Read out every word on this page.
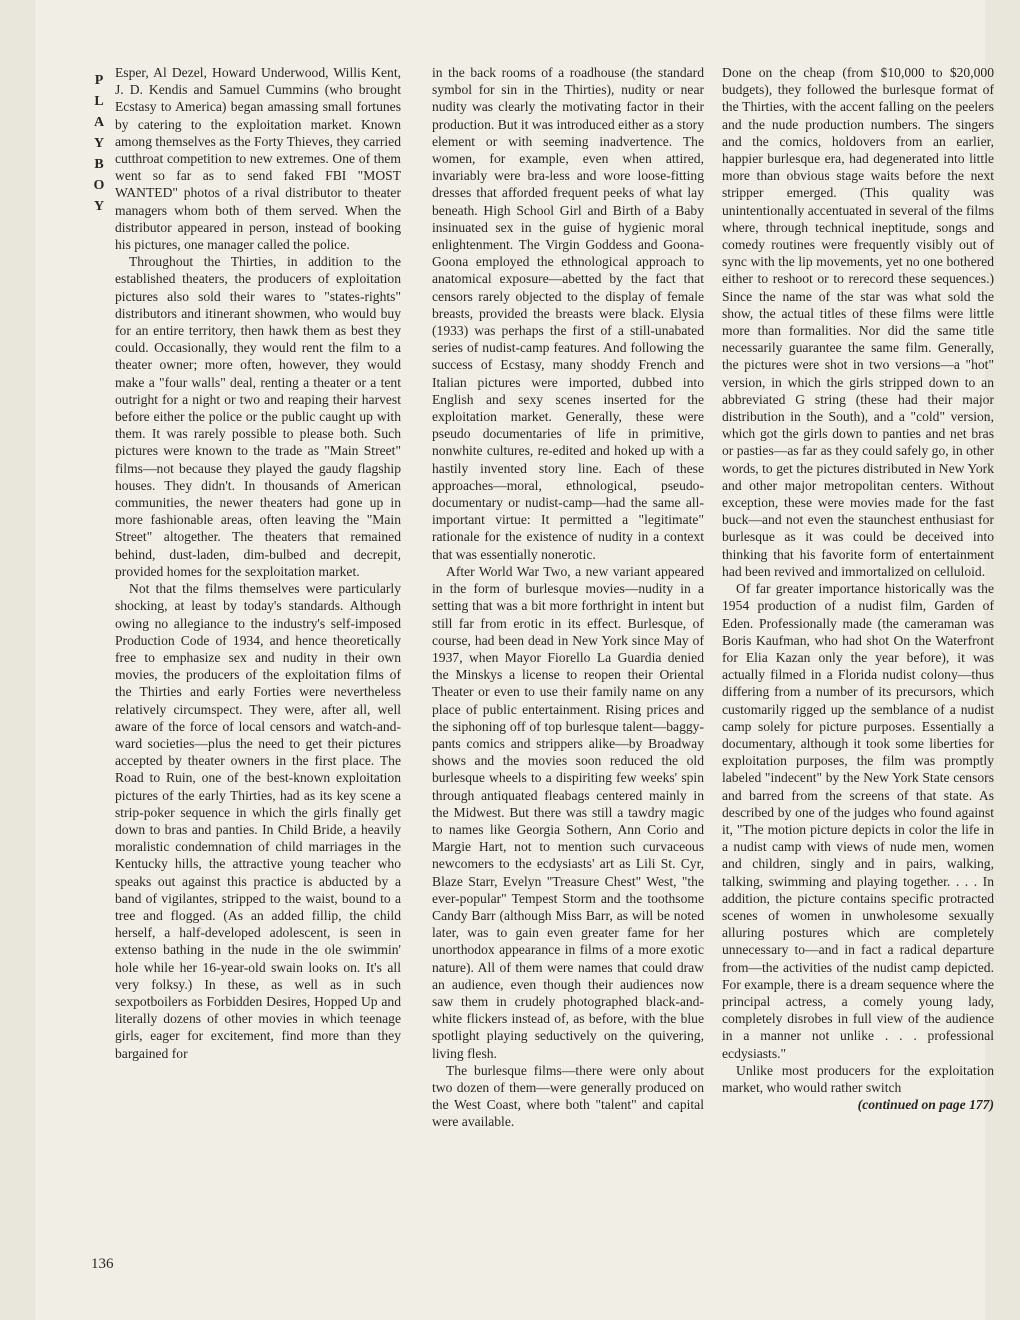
P
L
A
Y
B
O
Y

Esper, Al Dezel, Howard Underwood, Willis Kent, J. D. Kendis and Samuel Cummins (who brought Ecstasy to America) began amassing small fortunes by catering to the exploitation market. Known among themselves as the Forty Thieves, they carried cutthroat competition to new extremes. One of them went so far as to send faked FBI "MOST WANTED" photos of a rival distributor to theater managers whom both of them served. When the distributor appeared in person, instead of booking his pictures, one manager called the police.

Throughout the Thirties, in addition to the established theaters, the producers of exploitation pictures also sold their wares to "states-rights" distributors and itinerant showmen, who would buy for an entire territory, then hawk them as best they could. Occasionally, they would rent the film to a theater owner; more often, however, they would make a "four walls" deal, renting a theater or a tent outright for a night or two and reaping their harvest before either the police or the public caught up with them. It was rarely possible to please both. Such pictures were known to the trade as "Main Street" films—not because they played the gaudy flagship houses. They didn't. In thousands of American communities, the newer theaters had gone up in more fashionable areas, often leaving the "Main Street" altogether. The theaters that remained behind, dust-laden, dim-bulbed and decrepit, provided homes for the sexploitation market.

Not that the films themselves were particularly shocking, at least by today's standards. Although owing no allegiance to the industry's self-imposed Production Code of 1934, and hence theoretically free to emphasize sex and nudity in their own movies, the producers of the exploitation films of the Thirties and early Forties were nevertheless relatively circumspect. They were, after all, well aware of the force of local censors and watch-and-ward societies—plus the need to get their pictures accepted by theater owners in the first place. The Road to Ruin, one of the best-known exploitation pictures of the early Thirties, had as its key scene a strip-poker sequence in which the girls finally get down to bras and panties. In Child Bride, a heavily moralistic condemnation of child marriages in the Kentucky hills, the attractive young teacher who speaks out against this practice is abducted by a band of vigilantes, stripped to the waist, bound to a tree and flogged. (As an added fillip, the child herself, a half-developed adolescent, is seen in extenso bathing in the nude in the ole swimmin' hole while her 16-year-old swain looks on. It's all very folksy.) In these, as well as in such sexpotboilers as Forbidden Desires, Hopped Up and literally dozens of other movies in which teenage girls, eager for excitement, find more than they bargained for

in the back rooms of a roadhouse (the standard symbol for sin in the Thirties), nudity or near nudity was clearly the motivating factor in their production. But it was introduced either as a story element or with seeming inadvertence. The women, for example, even when attired, invariably were bra-less and wore loose-fitting dresses that afforded frequent peeks of what lay beneath. High School Girl and Birth of a Baby insinuated sex in the guise of hygienic moral enlightenment. The Virgin Goddess and Goona-Goona employed the ethnological approach to anatomical exposure—abetted by the fact that censors rarely objected to the display of female breasts, provided the breasts were black. Elysia (1933) was perhaps the first of a still-unabated series of nudist-camp features. And following the success of Ecstasy, many shoddy French and Italian pictures were imported, dubbed into English and sexy scenes inserted for the exploitation market. Generally, these were pseudo documentaries of life in primitive, nonwhite cultures, re-edited and hoked up with a hastily invented story line. Each of these approaches—moral, ethnological, pseudo-documentary or nudist-camp—had the same all-important virtue: It permitted a "legitimate" rationale for the existence of nudity in a context that was essentially nonerotic.

After World War Two, a new variant appeared in the form of burlesque movies—nudity in a setting that was a bit more forthright in intent but still far from erotic in its effect. Burlesque, of course, had been dead in New York since May of 1937, when Mayor Fiorello La Guardia denied the Minskys a license to reopen their Oriental Theater or even to use their family name on any place of public entertainment. Rising prices and the siphoning off of top burlesque talent—baggy-pants comics and strippers alike—by Broadway shows and the movies soon reduced the old burlesque wheels to a dispiriting few weeks' spin through antiquated fleabags centered mainly in the Midwest. But there was still a tawdry magic to names like Georgia Sothern, Ann Corio and Margie Hart, not to mention such curvaceous newcomers to the ecdysiasts' art as Lili St. Cyr, Blaze Starr, Evelyn "Treasure Chest" West, "the ever-popular" Tempest Storm and the toothsome Candy Barr (although Miss Barr, as will be noted later, was to gain even greater fame for her unorthodox appearance in films of a more exotic nature). All of them were names that could draw an audience, even though their audiences now saw them in crudely photographed black-and-white flickers instead of, as before, with the blue spotlight playing seductively on the quivering, living flesh.

The burlesque films—there were only about two dozen of them—were generally produced on the West Coast, where both "talent" and capital were available.

Done on the cheap (from $10,000 to $20,000 budgets), they followed the burlesque format of the Thirties, with the accent falling on the peelers and the nude production numbers. The singers and the comics, holdovers from an earlier, happier burlesque era, had degenerated into little more than obvious stage waits before the next stripper emerged. (This quality was unintentionally accentuated in several of the films where, through technical ineptitude, songs and comedy routines were frequently visibly out of sync with the lip movements, yet no one bothered either to reshoot or to rerecord these sequences.) Since the name of the star was what sold the show, the actual titles of these films were little more than formalities. Nor did the same title necessarily guarantee the same film. Generally, the pictures were shot in two versions—a "hot" version, in which the girls stripped down to an abbreviated G string (these had their major distribution in the South), and a "cold" version, which got the girls down to panties and net bras or pasties—as far as they could safely go, in other words, to get the pictures distributed in New York and other major metropolitan centers. Without exception, these were movies made for the fast buck—and not even the staunchest enthusiast for burlesque as it was could be deceived into thinking that his favorite form of entertainment had been revived and immortalized on celluloid.

Of far greater importance historically was the 1954 production of a nudist film, Garden of Eden. Professionally made (the cameraman was Boris Kaufman, who had shot On the Waterfront for Elia Kazan only the year before), it was actually filmed in a Florida nudist colony—thus differing from a number of its precursors, which customarily rigged up the semblance of a nudist camp solely for picture purposes. Essentially a documentary, although it took some liberties for exploitation purposes, the film was promptly labeled "indecent" by the New York State censors and barred from the screens of that state. As described by one of the judges who found against it, "The motion picture depicts in color the life in a nudist camp with views of nude men, women and children, singly and in pairs, walking, talking, swimming and playing together. . . . In addition, the picture contains specific protracted scenes of women in unwholesome sexually alluring postures which are completely unnecessary to—and in fact a radical departure from—the activities of the nudist camp depicted. For example, there is a dream sequence where the principal actress, a comely young lady, completely disrobes in full view of the audience in a manner not unlike . . . professional ecdysiasts."

Unlike most producers for the exploitation market, who would rather switch

(continued on page 177)
136
